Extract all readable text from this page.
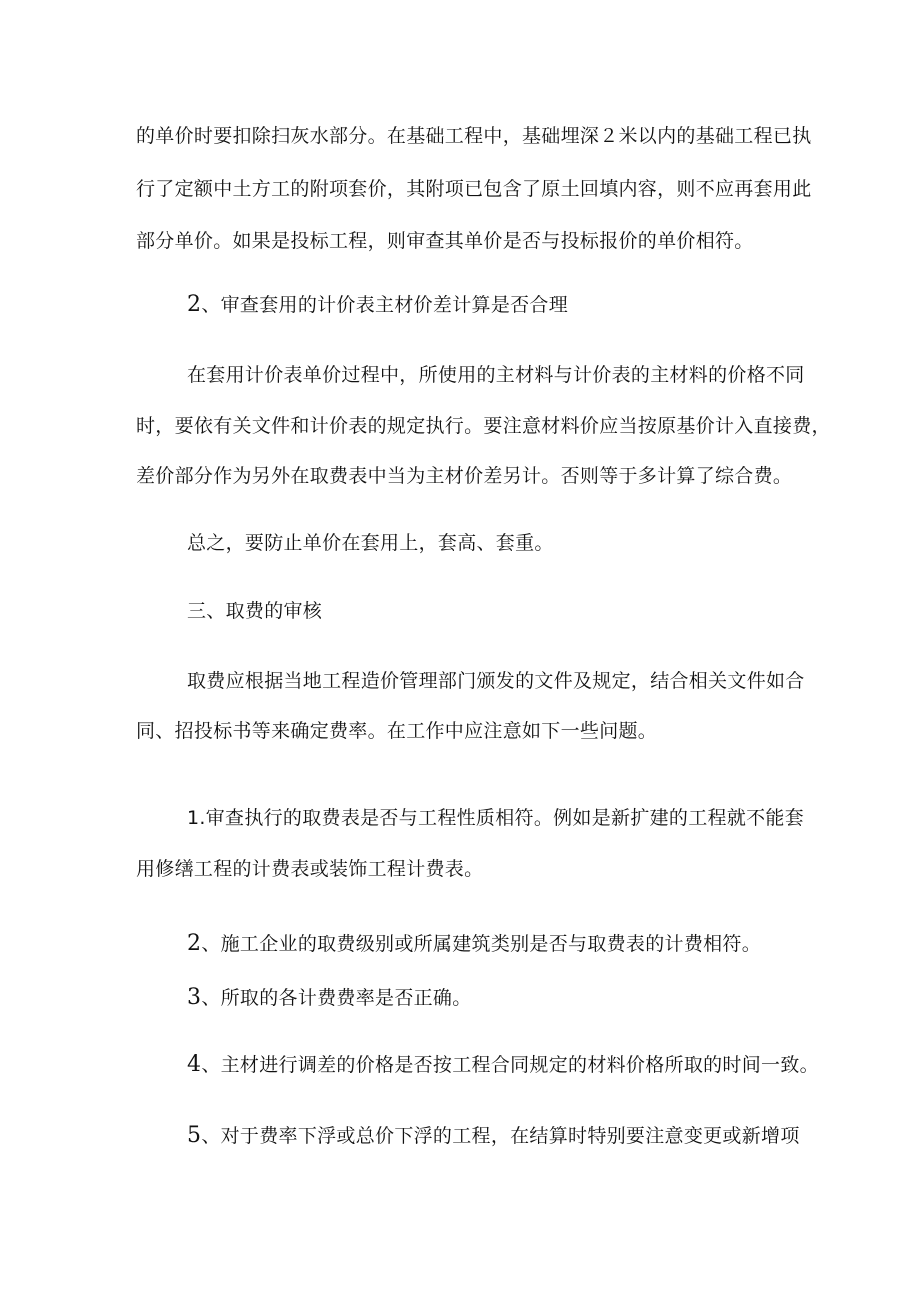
的单价时要扣除扫灰水部分。在基础工程中，基础埋深２米以内的基础工程已执
行了定额中土方工的附项套价，其附项已包含了原土回填内容，则不应再套用此
部分单价。如果是投标工程，则审查其单价是否与投标报价的单价相符。
2、审查套用的计价表主材价差计算是否合理
在套用计价表单价过程中，所使用的主材料与计价表的主材料的价格不同
时，要依有关文件和计价表的规定执行。要注意材料价应当按原基价计入直接费，
差价部分作为另外在取费表中当为主材价差另计。否则等于多计算了综合费。
总之，要防止单价在套用上，套高、套重。
三、取费的审核
取费应根据当地工程造价管理部门颁发的文件及规定，结合相关文件如合
同、招投标书等来确定费率。在工作中应注意如下一些问题。
1.审查执行的取费表是否与工程性质相符。例如是新扩建的工程就不能套
用修缮工程的计费表或装饰工程计费表。
2、施工企业的取费级别或所属建筑类别是否与取费表的计费相符。
3、所取的各计费费率是否正确。
4、主材进行调差的价格是否按工程合同规定的材料价格所取的时间一致。
5、对于费率下浮或总价下浮的工程，在结算时特别要注意变更或新增项
